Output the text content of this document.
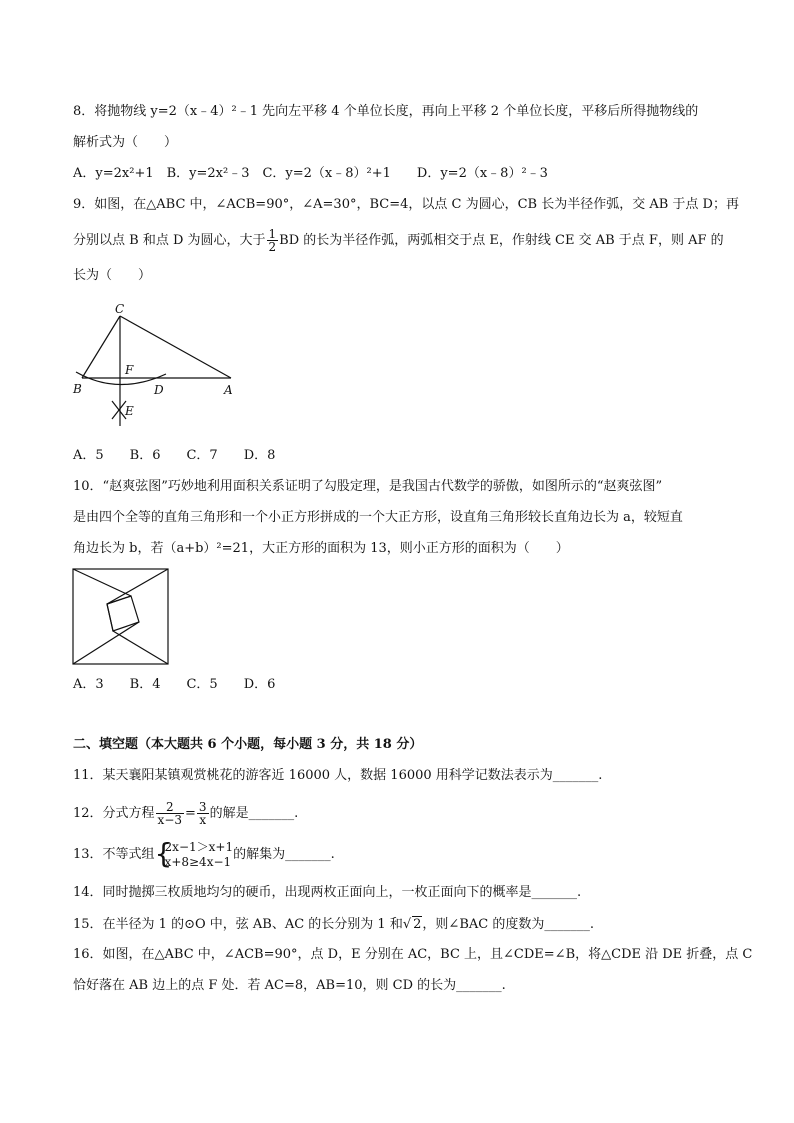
8．将抛物线 y=2（x﹣4）²﹣1 先向左平移 4 个单位长度，再向上平移 2 个单位长度，平移后所得抛物线的
解析式为（　　）
A．y=2x²+1　B．y=2x²﹣3　C．y=2（x﹣8）²+1　　D．y=2（x﹣8）²﹣3
9．如图，在△ABC 中，∠ACB=90°，∠A=30°，BC=4，以点 C 为圆心，CB 长为半径作弧，交 AB 于点 D；再
分别以点 B 和点 D 为圆心，大于 $\frac{1}{2}$ BD 的长为半径作弧，两弧相交于点 E，作射线 CE 交 AB 于点 F，则 AF 的
长为（　　）
C
F
B	D	A
E
A．5　　B．6　　C．7　　D．8
10．“赵爽弦图”巧妙地利用面积关系证明了勾股定理，是我国古代数学的骄傲，如图所示的“赵爽弦图”
是由四个全等的直角三角形和一个小正方形拼成的一个大正方形，设直角三角形较长直角边长为 a，较短直
角边长为 b，若（a+b）²=21，大正方形的面积为 13，则小正方形的面积为（　　）
A．3　　B．4　　C．5　　D．6
二、填空题（本大题共 6 个小题，每小题 3 分，共 18 分）
11．某天襄阳某镇观赏桃花的游客近 16000 人，数据 16000 用科学记数法表示为_______.
12．分式方程 $\frac{2}{x-3} = \frac{3}{x}$ 的解是_______.
13．不等式组 {
2x−1＞x+1
x+8≥4x−1 的解集为_______.
14．同时抛掷三枚质地均匀的硬币，出现两枚正面向上，一枚正面向下的概率是_______.
15．在半径为 1 的⊙O 中，弦 AB、AC 的长分别为 1 和√ 2，则∠BAC 的度数为_______.
16．如图，在△ABC 中，∠ACB=90°，点 D，E 分别在 AC，BC 上，且∠CDE=∠B，将△CDE 沿 DE 折叠，点 C
恰好落在 AB 边上的点 F 处．若 AC=8，AB=10，则 CD 的长为_______.
